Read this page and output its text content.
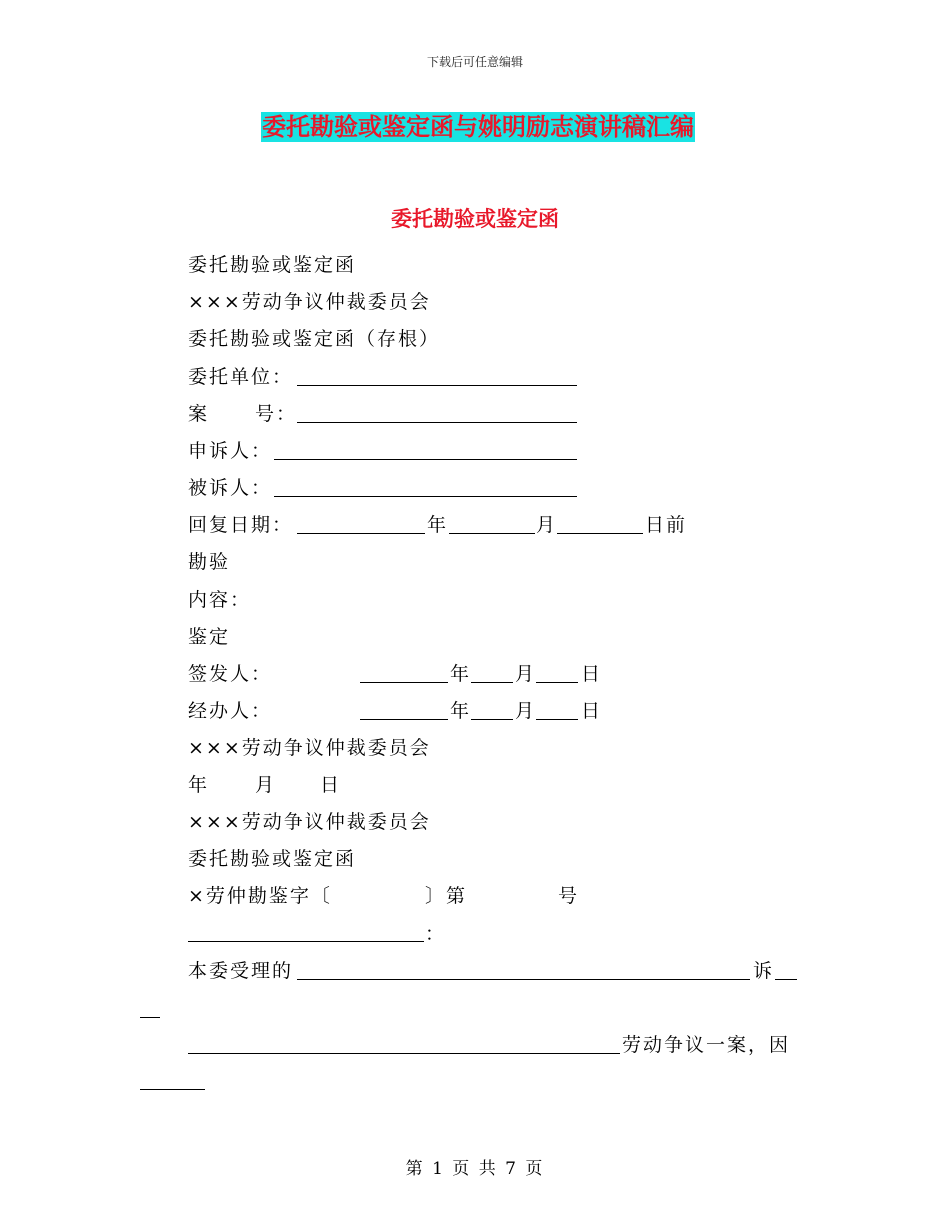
下载后可任意编辑
委托勘验或鉴定函与姚明励志演讲稿汇编
委托勘验或鉴定函
委托勘验或鉴定函
×××劳动争议仲裁委员会
委托勘验或鉴定函（存根）
委托单位：
案 号：
申诉人：
被诉人：
回复日期：	年	月	日前
勘验
内容：
鉴定
签发人：	年 月 日
经办人：	年 月 日
×××劳动争议仲裁委员会
年 月 日
×××劳动争议仲裁委员会
委托勘验或鉴定函
×劳仲勘鉴字〔	〕第	号
：
本委受理的	诉
劳动争议一案，因
第 1 页 共 7 页
